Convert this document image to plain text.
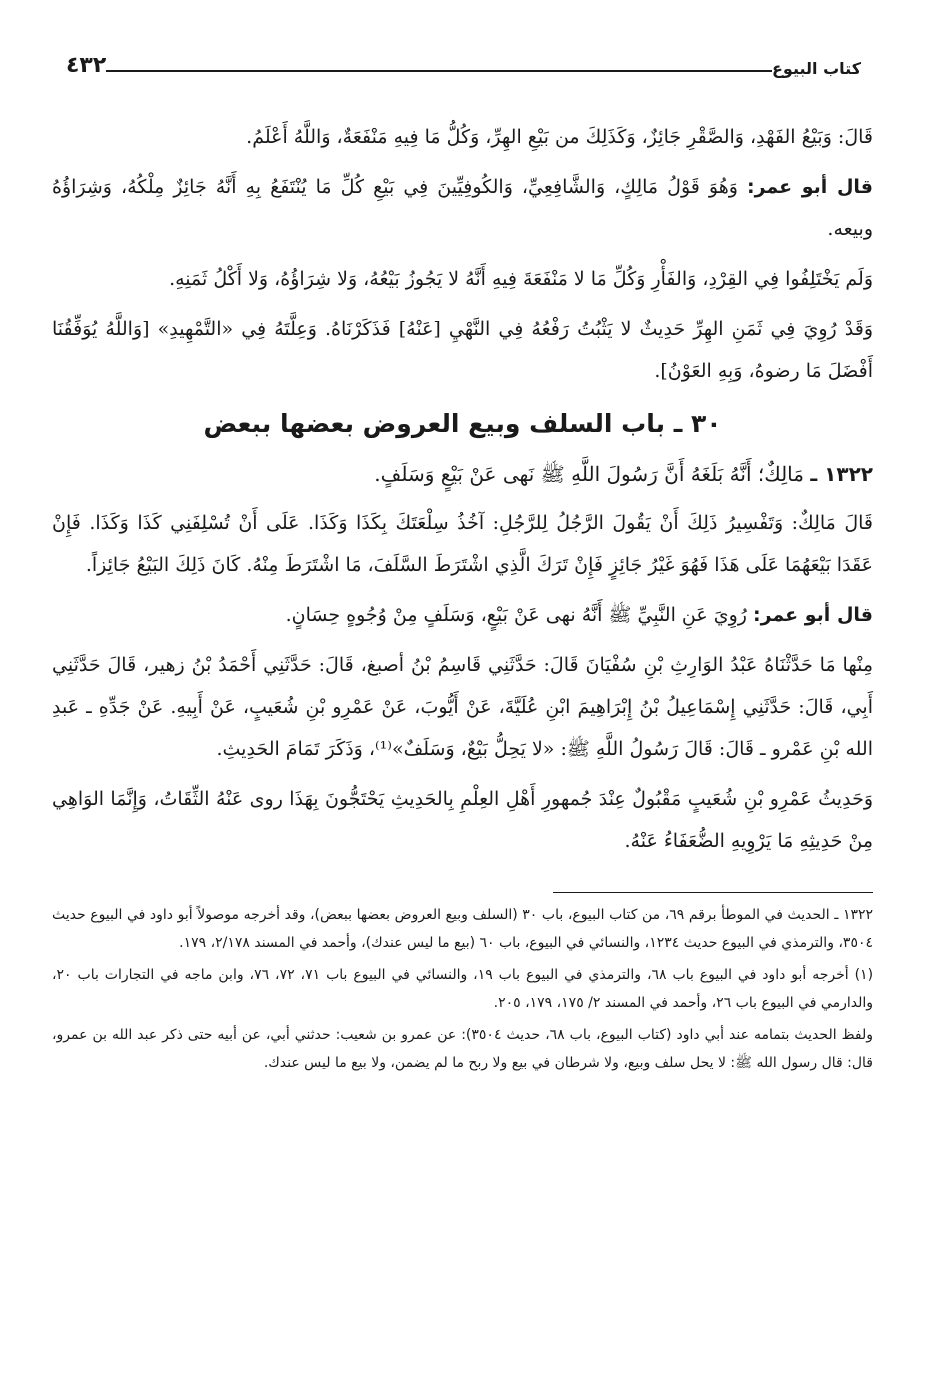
كتاب البيوع
٤٣٢

قَالَ: وَبَيْعُ الفَهْدِ، وَالصَّقْرِ جَائِزٌ، وَكَذَلِكَ من بَيْعِ الهِرِّ، وَكُلُّ مَا فِيهِ مَنْفَعَةٌ، وَاللَّهُ أَعْلَمُ.

قال أبو عمر: وَهُوَ قَوْلُ مَالِكٍ، وَالشَّافِعِيِّ، وَالكُوفِيِّينَ فِي بَيْعِ كُلِّ مَا يُنْتَفَعُ بِهِ أَنَّهُ جَائِزٌ مِلْكُهُ، وَشِرَاؤُهُ وبيعه.

وَلَم يَخْتَلِفُوا فِي القِرْدِ، وَالفَأْرِ وَكُلِّ مَا لا مَنْفَعَةَ فِيهِ أَنَّهُ لا يَجُوزُ بَيْعُهُ، وَلا شِرَاؤُهُ، وَلا أَكْلُ ثَمَنِهِ.

وَقَدْ رُوِيَ فِي ثَمَنِ الهِرِّ حَدِيثٌ لا يَثْبُتُ رَفْعُهُ فِي النَّهْيِ [عَنْهُ] فَذَكَرْنَاهُ. وَعِلَّتَهُ فِي «التَّمْهِيدِ» [وَاللَّهُ يُوَفِّقُنَا أَفْضَلَ مَا رضوهُ، وَبِهِ العَوْنُ].

٣٠ ـ باب السلف وبيع العروض بعضها ببعض

١٣٢٢ ـ مَالِكٌ؛ أَنَّهُ بَلَغَهُ أَنَّ رَسُولَ اللَّهِ ﷺ نَهى عَنْ بَيْعٍ وَسَلَفٍ.

قَالَ مَالِكٌ: وَتَفْسِيرُ ذَلِكَ أَنْ يَقُولَ الرَّجُلُ لِلرَّجُلِ: آخُذُ سِلْعَتَكَ بِكَذَا وَكَذَا. عَلَى أَنْ تُسْلِفَنِي كَذَا وَكَذَا. فَإِنْ عَقَدَا بَيْعَهُمَا عَلَى هَذَا فَهُوَ غَيْرُ جَائِزٍ فَإِنْ تَرَكَ الَّذِي اشْتَرَطَ السَّلَفَ، مَا اشْتَرَطَ مِنْهُ. كَانَ ذَلِكَ البَيْعُ جَائِزاً.

قال أبو عمر: رُوِيَ عَنِ النَّبِيِّ ﷺ أَنَّهُ نهى عَنْ بَيْعٍ، وَسَلَفٍ مِنْ وُجُوهٍ حِسَانٍ.

مِنْها مَا حَدَّثْنَاهُ عَبْدُ الوَارِثِ بْنِ سُفْيَانَ قَالَ: حَدَّثَنِي قَاسِمُ بْنُ أصبغ، قَالَ: حَدَّثَنِي أَحْمَدُ بْنُ زهير، قَالَ حَدَّثَنِي أَبِي، قَالَ: حَدَّثَنِي إِسْمَاعِيلُ بْنُ إِبْرَاهِيمَ ابْنِ عُلَيَّةَ، عَنْ أَيُّوبَ، عَنْ عَمْرِو بْنِ شُعَيبٍ، عَنْ أَبِيهِ. عَنْ جَدِّهِ ـ عَبدِ الله بْنِ عَمْرو ـ قَالَ: قَالَ رَسُولُ اللَّهِ ﷺ: «لا يَحِلُّ بَيْعٌ، وَسَلَفٌ»⁽¹⁾، وَذَكَرَ تَمَامَ الحَدِيثِ.

وَحَدِيثُ عَمْرِو بْنِ شُعَيبٍ مَقْبُولٌ عِنْدَ جُمهورِ أَهْلِ العِلْمِ بِالحَدِيثِ يَحْتَجُّونَ بِهَذَا روى عَنْهُ الثِّقَاتُ، وَإِنَّمَا الوَاهِي مِنْ حَدِيثِهِ مَا يَرْوِيهِ الضُّعَفَاءُ عَنْهُ.

١٣٢٢ ـ الحديث في الموطأ برقم ٦٩، من كتاب البيوع، باب ٣٠ (السلف وبيع العروض بعضها ببعض)، وقد أخرجه موصولاً أبو داود في البيوع حديث ٣٥٠٤، والترمذي في البيوع حديث ١٢٣٤، والنسائي في البيوع، باب ٦٠ (بيع ما ليس عندك)، وأحمد في المسند ٢/١٧٨، ١٧٩.

(١) أخرجه أبو داود في البيوع باب ٦٨، والترمذي في البيوع باب ١٩، والنسائي في البيوع باب ٧١، ٧٢، ٧٦، وابن ماجه في التجارات باب ٢٠، والدارمي في البيوع باب ٢٦، وأحمد في المسند ٢/ ١٧٥، ١٧٩، ٢٠٥.

ولفظ الحديث بتمامه عند أبي داود (كتاب البيوع، باب ٦٨، حديث ٣٥٠٤): عن عمرو بن شعيب: حدثني أبي، عن أبيه حتى ذكر عبد الله بن عمرو، قال: قال رسول الله ﷺ: لا يحل سلف وبيع، ولا شرطان في بيع ولا ربح ما لم يضمن، ولا بيع ما ليس عندك.
